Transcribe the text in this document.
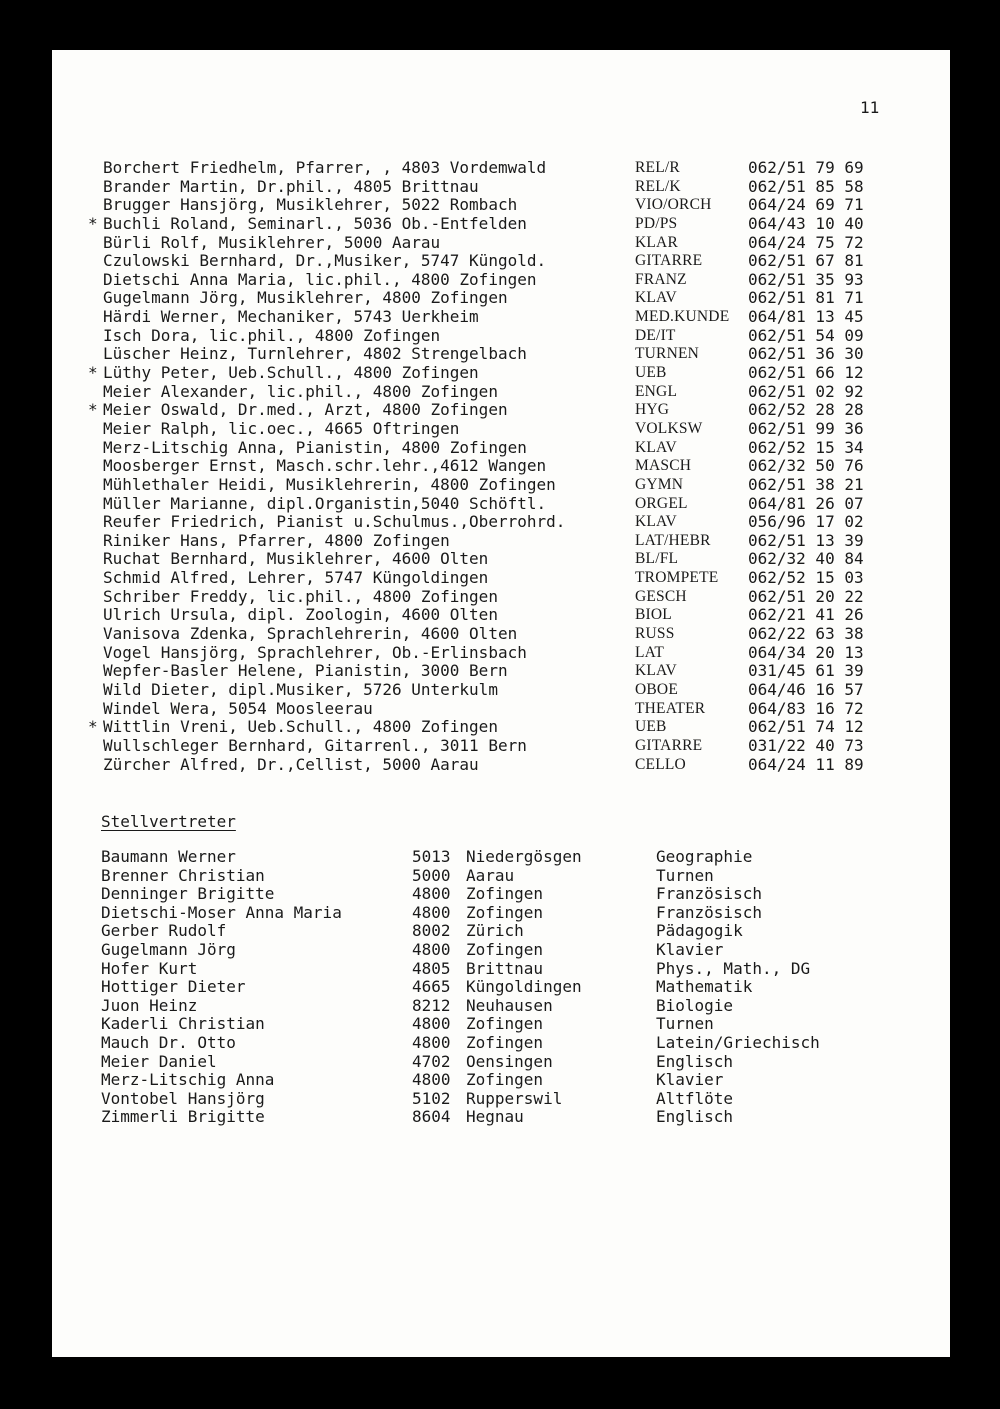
11
Borchert Friedhelm, Pfarrer, , 4803 Vordemwald	REL/R	062/51 79 69
Brander Martin, Dr.phil., 4805 Brittnau	REL/K	062/51 85 58
Brugger Hansjörg, Musiklehrer, 5022 Rombach	VIO/ORCH 064/24 69 71
* Buchli Roland, Seminarl., 5036 Ob.-Entfelden	PD/PS	064/43 10 40
Bürli Rolf, Musiklehrer, 5000 Aarau	KLAR	064/24 75 72
Czulowski Bernhard, Dr.,Musiker, 5747 Küngold.	GITARRE	062/51 67 81
Dietschi Anna Maria, lic.phil., 4800 Zofingen	FRANZ	062/51 35 93
Gugelmann Jörg, Musiklehrer, 4800 Zofingen	KLAV	062/51 81 71
Härdi Werner, Mechaniker, 5743 Uerkheim	MED.KUNDE 064/81 13 45
Isch Dora, lic.phil., 4800 Zofingen	DE/IT	062/51 54 09
Lüscher Heinz, Turnlehrer, 4802 Strengelbach	TURNEN	062/51 36 30
* Lüthy Peter, Ueb.Schull., 4800 Zofingen	UEB	062/51 66 12
Meier Alexander, lic.phil., 4800 Zofingen	ENGL	062/51 02 92
* Meier Oswald, Dr.med., Arzt, 4800 Zofingen	HYG	062/52 28 28
Meier Ralph, lic.oec., 4665 Oftringen	VOLKSW	062/51 99 36
Merz-Litschig Anna, Pianistin, 4800 Zofingen	KLAV	062/52 15 34
Moosberger Ernst, Masch.schr.lehr.,4612 Wangen	MASCH	062/32 50 76
Mühlethaler Heidi, Musiklehrerin, 4800 Zofingen	GYMN	062/51 38 21
Müller Marianne, dipl.Organistin,5040 Schöftl.	ORGEL	064/81 26 07
Reufer Friedrich, Pianist u.Schulmus.,Oberrohrd.	KLAV	056/96 17 02
Riniker Hans, Pfarrer, 4800 Zofingen	LAT/HEBR 062/51 13 39
Ruchat Bernhard, Musiklehrer, 4600 Olten	BL/FL	062/32 40 84
Schmid Alfred, Lehrer, 5747 Küngoldingen	TROMPETE 062/52 15 03
Schriber Freddy, lic.phil., 4800 Zofingen	GESCH	062/51 20 22
Ulrich Ursula, dipl. Zoologin, 4600 Olten	BIOL	062/21 41 26
Vanisova Zdenka, Sprachlehrerin, 4600 Olten	RUSS	062/22 63 38
Vogel Hansjörg, Sprachlehrer, Ob.-Erlinsbach	LAT	064/34 20 13
Wepfer-Basler Helene, Pianistin, 3000 Bern	KLAV	031/45 61 39
Wild Dieter, dipl.Musiker, 5726 Unterkulm	OBOE	064/46 16 57
Windel Wera, 5054 Moosleerau	THEATER	064/83 16 72
* Wittlin Vreni, Ueb.Schull., 4800 Zofingen	UEB	062/51 74 12
Wullschleger Bernhard, Gitarrenl., 3011 Bern	GITARRE	031/22 40 73
Zürcher Alfred, Dr.,Cellist, 5000 Aarau	CELLO	064/24 11 89
Stellvertreter
Baumann Werner	5013 Niedergösgen	Geographie
Brenner Christian	5000 Aarau	Turnen
Denninger Brigitte	4800 Zofingen	Französisch
Dietschi-Moser Anna Maria	4800 Zofingen	Französisch
Gerber Rudolf	8002 Zürich	Pädagogik
Gugelmann Jörg	4800 Zofingen	Klavier
Hofer Kurt	4805 Brittnau	Phys., Math., DG
Hottiger Dieter	4665 Küngoldingen	Mathematik
Juon Heinz	8212 Neuhausen	Biologie
Kaderli Christian	4800 Zofingen	Turnen
Mauch Dr. Otto	4800 Zofingen	Latein/Griechisch
Meier Daniel	4702 Oensingen	Englisch
Merz-Litschig Anna	4800 Zofingen	Klavier
Vontobel Hansjörg	5102 Rupperswil	Altflöte
Zimmerli Brigitte	8604 Hegnau	Englisch
